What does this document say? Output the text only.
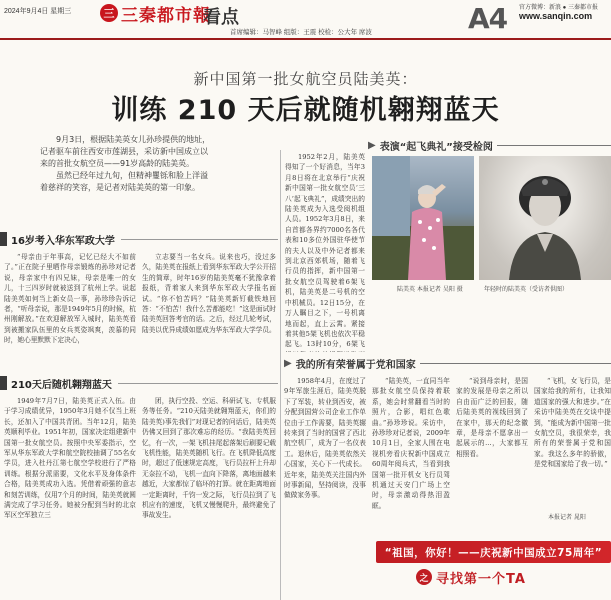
2024年9月4日 星期三	三 三秦都市報
看点
首席编辑：马智峰 组版：王震 校检：公大年 席波	A4 官方微博：新浪 ● 三秦都市报
www.sanqin.com
新中国第一批女航空员陆美英：
训练 210 天后就随机翱翔蓝天

9月3日，根据陆美英女儿孙珍提供的地址，记者驱车前往西安市莲湖县，采访新中国成立以来的首批女航空员——91岁高龄的陆美英。

虽然已经年过九旬，但精神矍铄和脸上洋溢着慈祥的笑容，是记者对陆美英的第一印象。

16岁考入华东军政大学
“母亲由于年事高，记忆已经大不如前了。”正在院子里晒作母亲锻炼的孙珍对记者说，母亲家中有四兄妹，母亲是唯一的女儿，十三四岁时就被送到了杭州上学。说起陆美英如何当上新女员一事，孙珍珍告诉记者，“听母亲说，那是1949年5月的时候，杭州刚解放。”在欢迎解放军入城时，陆美英看到被搬家队伍里的女兵英姿飒爽，羡慕的同时，她心里默默下定决心，
立志要当一名女兵。说来也巧，没过多久，陆美英在报纸上看到华东军政大学公开招生的简章，时年16岁的陆美英毫不犹豫拿着报纸，背着家人来到华东军政大学报名面试。“你不怕苦吗？”陆美英新钉截铁地回答：“不怕苦！我什么苦都能吃！”这是面试时陆美英回答考官的话。之后，经过几轮考试，陆美以优异成绩如愿成为华东军政大学学员。
210天后随机翱翔蓝天
1949年7月7日，陆美英正式入伍。由于学习成绩优异，1950年3月她不仅当上班长，还加入了中国共青团。当年12月，陆美英顺利毕业。1951年初，国家决定组建新中国第一批女航空员。按照中央军委指示，空军从华东军政大学和航空院校抽调了55名女学员，进入杜丹江第七航空学校进行了严格训练。根据分派需要，文化水平及身体条件合格，陆美英成功入选。凭借着顽强的意志和刻苦训练，仅用7个月的时间，陆美英就圆满完成了学习任务。她被分配到当时的北京军区空军独立三
团，执行空投、空运、科研试飞、专机服务等任务。“210天陆美就翱翔蓝天，你们的陆美英)事先我们”对现记者的问话后，陆美英仍佛又回到了那次难忘的经历。“我陆美英回忆，有一次，一架飞机挂尾起落架后刷要记载飞机性能，陆美英随机飞行。在飞机降低高度时，超过了低速规定高度，飞行员拉杆上升却无奈拉不动，飞机一直向下降落，离地面越来越近，大家都惊了临坏的打算。就在距离地面一定距离时，千钧一发之际，飞行员拉到了飞机应有的速度，飞机又慢慢爬升，最终避免了事故发生。
1952年2月，陆美英得知了一个好消息，当年3月8日将在北京举行“庆祝新中国第一批女航空员‘三八’起飞典礼”，成绩突出的陆美英成为入选受阅机组人员。1952年3月8日，来自首都各界约7000名各代表和10多位外国驻华使节的夫人以及中外记者都来到北京西郊机场，随着飞行员的指挥，新中国第一批女航空员驾驶着6架飞机，陆美英是二号机的空中机械员。12日15分，在万人瞩目之下，一号机离地而起，直上云霄。紧接着其他5架飞机也依次平稳起飞。13时10分，6架飞
▶ 表演“起飞典礼”接受检阅
陆美英 本报记者 吴阳 摄	年轻时的陆美英（受访者供图）
▶ 我的所有荣誉属于党和国家
1958年4月，在度过了9年军旅生涯后，陆美英脱下了军装，转业到西安，被分配到国营公司企业工作单位由于工作需要，陆美英辗转来到了当时的国营了西北航空机厂，成为了一名仪表工。退休后，陆美英依然关心国家，关心下一代成长。近年来，陆美英关注国内外时事新闻，坚持阅读，没事做做家务事。
“陆美英，一直同当年那批女航空员保持着联系，她会时常翻看当时的照片，合影，唱红色歌曲。”孙珍珍说。采访中，孙珍珍对记者说，2009年10月1日，全家人围在电视机旁看庆祝新中国成立60周年阅兵式，当看到我国第一批开机女飞行员驾机通过天安门广场上空时，母亲激动得热泪盈眶。
“说到母亲时，是国家的发展是母亲之所以自由而广泛的回报，随后陆美英的视线回到了在家中，那天的纪念徽章，是母亲不愿拿出一起展示的...，大家都互相照看。
“飞机，女飞行员，是国家给我的所有，让我知道国家的强大和进步。”在采访中陆美英在交谈中提到，“能成为新中国第一批女航空员，我很荣幸，我所有的荣誉属于党和国家。我这么多年的骄傲，是党和国家给了我一切。”
本报记者 晁阳
“祖国，你好！——庆祝新中国成立75周年”
之 寻找第一个TA
